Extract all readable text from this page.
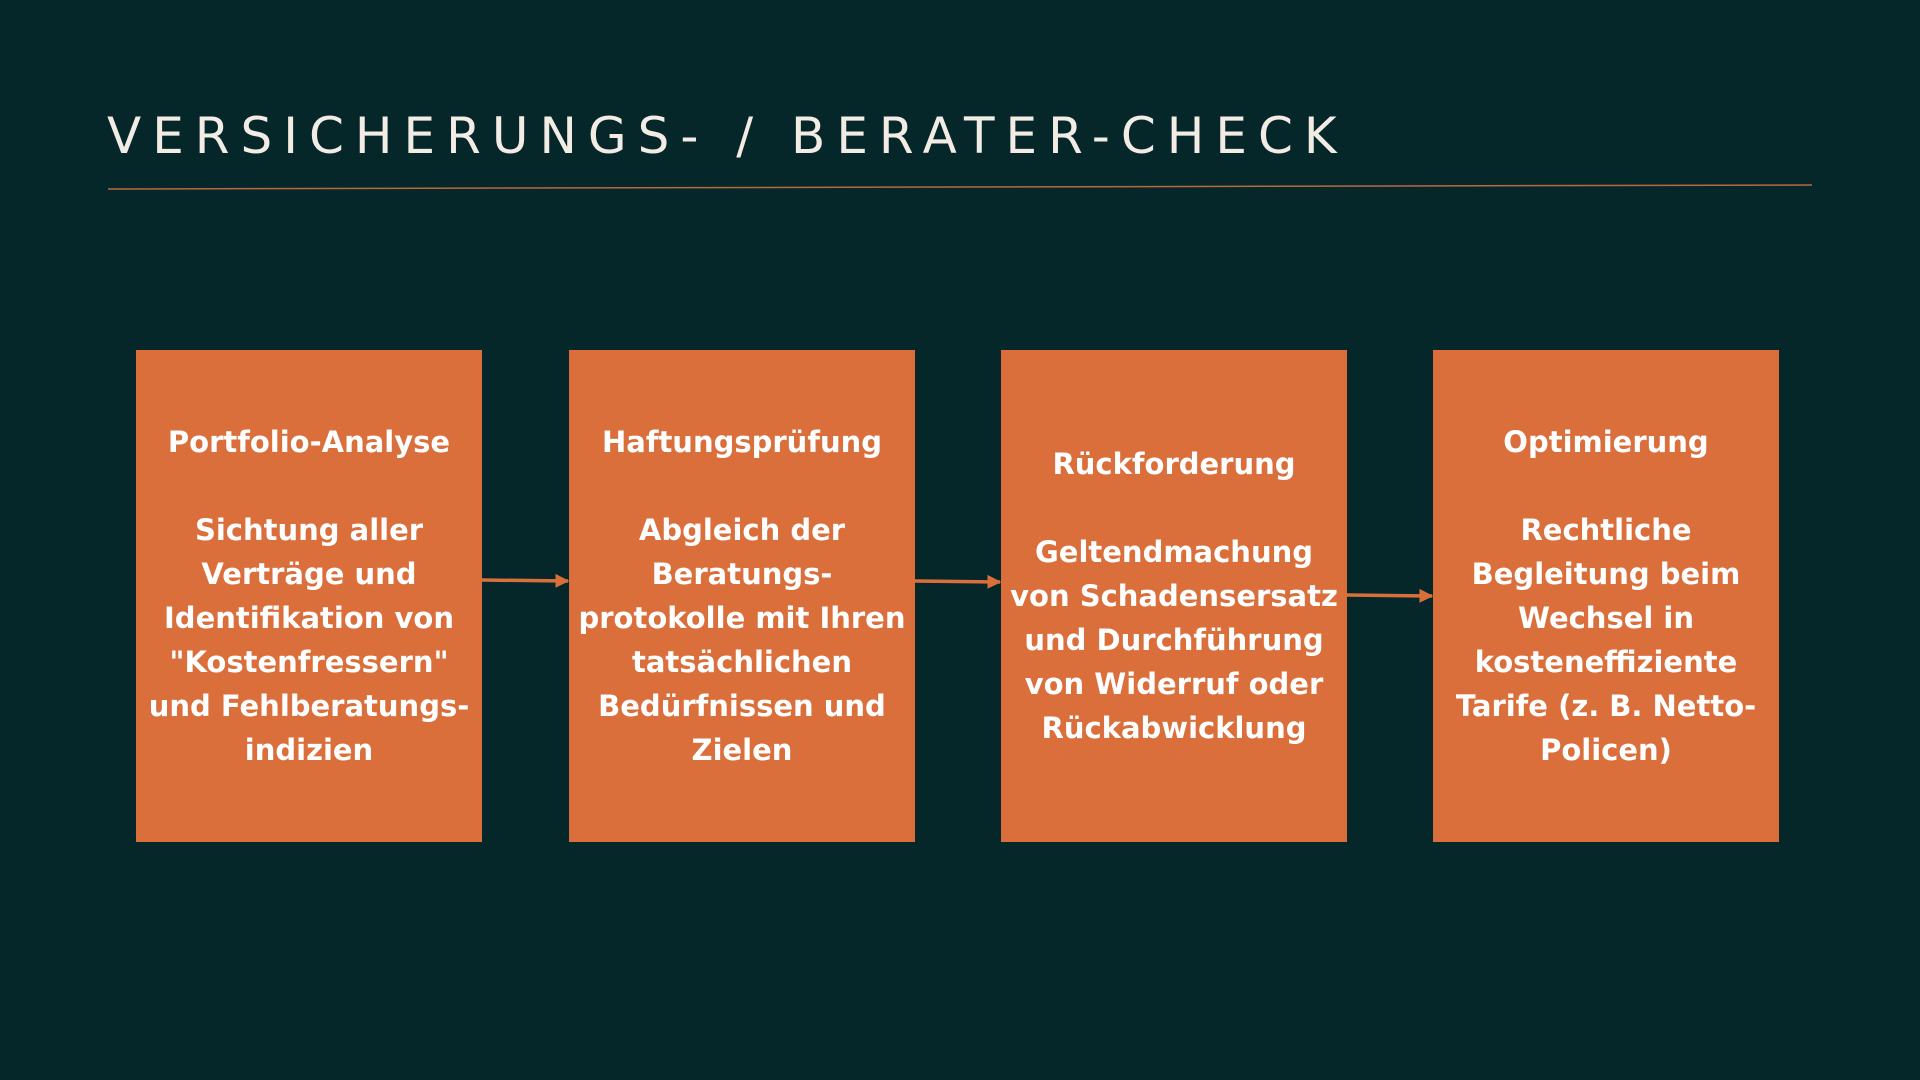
VERSICHERUNGS- / BERATER-CHECK
Portfolio-Analyse
Sichtung aller Verträge und Identifikation von "Kostenfressern" und Fehlberatungs-indizien
Haftungsprüfung
Abgleich der Beratungs-protokolle mit Ihren tatsächlichen Bedürfnissen und Zielen
Rückforderung
Geltendmachung von Schadensersatz und Durchführung von Widerruf oder Rückabwicklung
Optimierung
Rechtliche Begleitung beim Wechsel in kosteneffiziente Tarife (z. B. Netto-Policen)
